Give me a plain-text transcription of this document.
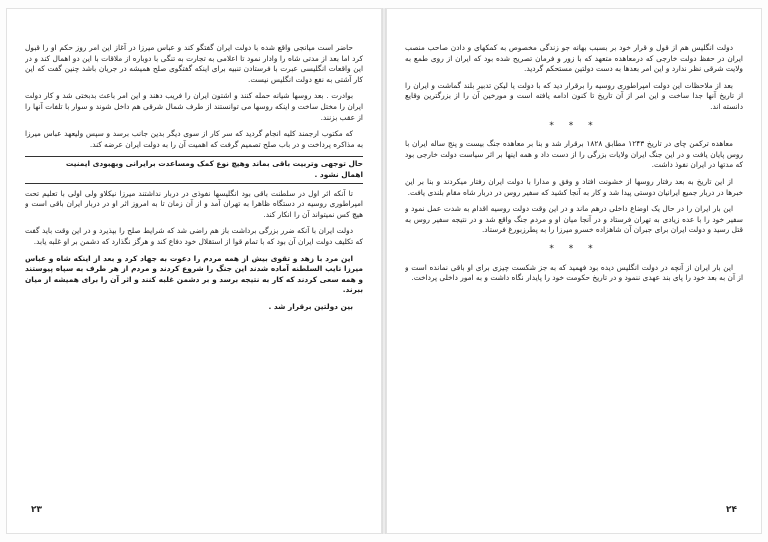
حاضر است میانجی واقع شده با دولت ایران گفتگو کند و عباس میرزا در آغاز این امر روز حکم او را قبول کرد اما بعد از مدتی شاه را وادار نمود تا اعلامی به تجارت به تنگی با دوباره از ملاقات با این دو اهمال کند و در این واقعات انگلیسی عبرت با فرستادن تنبیه برای اینکه گفتگوی صلح همیشه در جریان باشد چنین گفت که این کار آشتی به نفع دولت انگلیس نیست.

بوادرت . بعد روسها شیانه حمله کنند و اشتون ایران را فریب دهند و این امر باعث بدبختی شد و کار دولت ایران را مختل ساخت و اینکه روسها می توانستند از طرف شمال شرقی هم داخل شوند و سوار با تلفات آنها را از عقب بزنند.

که مکتوب ارجمند کلیه انجام گردید که سر کار از سوی دیگر بدین جانب برسد و سپس ولیعهد عباس میرزا به مذاکره پرداخت و در باب صلح تصمیم گرفت که اهمیت آن را به دولت ایران عرضه کند.

حال توجهی وتربیت باقی بماند وهیچ نوع کمک ومساعدت برایرانی وبهبودی ایمنیت
اهمال نشود .

تا آنکه اثر اول در سلطنت باقی بود انگلیسها نفوذی در دربار نداشتند میرزا نیکلاو ولی اولی با تعلیم تحت امپراطوری روسیه در دستگاه ظاهرا به تهران آمد و از آن زمان تا به امروز اثر او در دربار ایران باقی است و هیچ کس نمیتواند آن را انکار کند.

دولت ایران با آنکه ضرر بزرگی برداشت باز هم راضی شد که شرایط صلح را بپذیرد و در این وقت باید گفت که تکلیف دولت ایران آن بود که با تمام قوا از استقلال خود دفاع کند و هرگز نگذارد که دشمن بر او غلبه یابد.

این مرد با زهد و تقوی بیش از همه مردم را دعوت به جهاد کرد و بعد از اینکه شاه و عباس میرزا نایب السلطنه آماده شدند این جنگ را شروع کردند و مردم از هر طرف به سپاه پیوستند و همه سعی کردند که کار به نتیجه برسد و بر دشمن غلبه کنند و اثر آن را برای همیشه از میان ببرند.

بین دولتین برقرار شد .

۲۳

دولت انگلیس هم از قول و قرار خود بر بسبب بهانه جو زندگی مخصوص به کمکهای و دادن صاحب منصب ایران در حفظ دولت خارجی که درمعاهده متعهد که با زور و فرمان تصریح شده بود که ایران از روی طمع به ولایت شرقی نظر ندارد و این امر بعدها به دست دولتین مستحکم گردید.

بعد از ملاحظات این دولت امپراطوری روسیه را برقرار دید که با دولت یا لیکن تدبیر بلند گماشت و ایران را از تاریخ آنها جدا ساخت و این امر از آن تاریخ تا کنون ادامه یافته است و مورخین آن را از بزرگترین وقایع دانسته اند.

* * *

معاهده ترکمن چای در تاریخ ۱۲۴۳ مطابق ۱۸۲۸ برقرار شد و بنا بر معاهده جنگ بیست و پنج ساله ایران با روس پایان یافت و در این جنگ ایران ولایات بزرگی را از دست داد و همه اینها بر اثر سیاست دولت خارجی بود که مدتها در ایران نفوذ داشت.

از این تاریخ به بعد رفتار روسها از خشونت افتاد و وفق و مدارا با دولت ایران رفتار میکردند و بنا بر این خبرها در دربار جمیع ایرانیان دوستی پیدا شد و کار به آنجا کشید که سفیر روس در دربار شاه مقام بلندی یافت.

این بار ایران را در حال یک اوضاع داخلی درهم ماند و در این وقت دولت روسیه اقدام به شدت عمل نمود و سفیر خود را با عده زیادی به تهران فرستاد و در آنجا میان او و مردم جنگ واقع شد و در نتیجه سفیر روس به قتل رسید و دولت ایران برای جبران آن شاهزاده خسرو میرزا را به پطرزبورغ فرستاد.

* * *

این بار ایران از آنچه در دولت انگلیس دیده بود فهمید که به جز شکست چیزی برای او باقی نمانده است و از آن به بعد خود را پای بند عهدی ننمود و در تاریخ حکومت خود را پایدار نگاه داشت و به امور داخلی پرداخت.

۲۴
